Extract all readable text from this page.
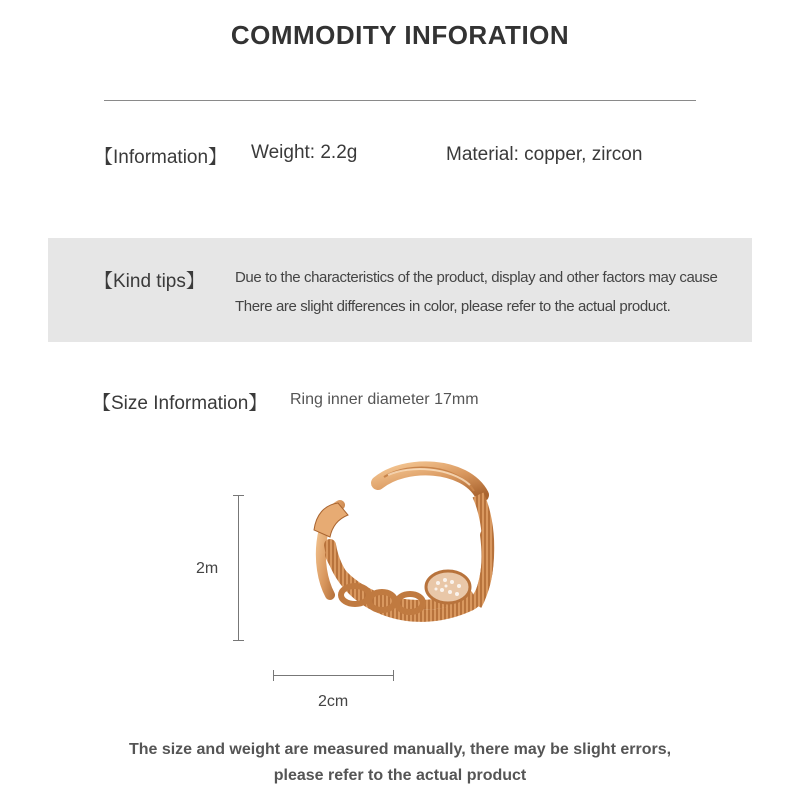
COMMODITY INFORATION
【Information】 Weight: 2.2g	Material: copper, zircon
【Kind tips】 Due to the characteristics of the product, display and other factors may cause
There are slight differences in color, please refer to the actual product.
【Size Information】 Ring inner diameter 17mm
2m
2cm
The size and weight are measured manually, there may be slight errors,
please refer to the actual product
